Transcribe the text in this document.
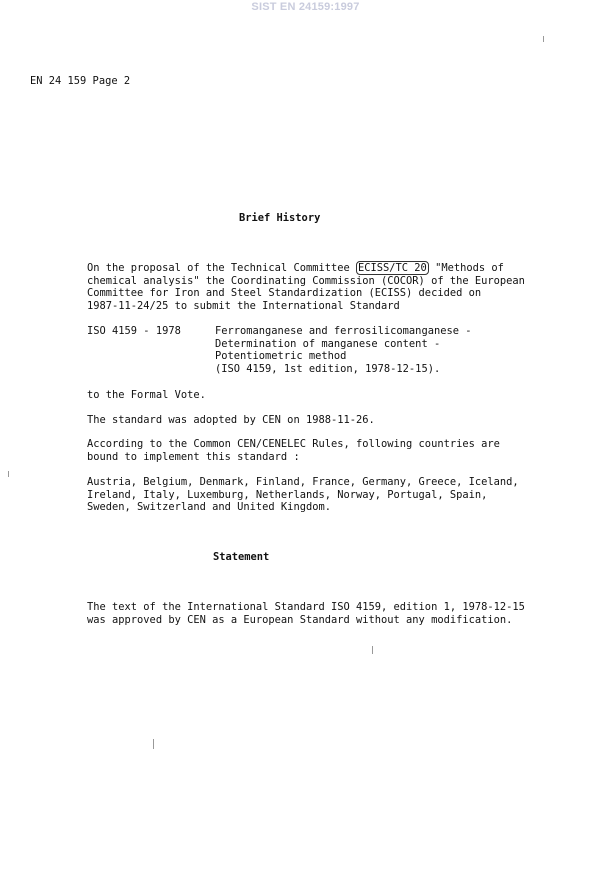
SIST EN 24159:1997
EN 24 159 Page 2
Brief History
On the proposal of the Technical Committee ECISS/TC 20 "Methods of
chemical analysis" the Coordinating Commission (COCOR) of the European
Committee for Iron and Steel Standardization (ECISS) decided on
1987-11-24/25 to submit the International Standard

ISO 4159 - 1978

	Ferromanganese and ferrosilicomanganese -
Determination of manganese content -
Potentiometric method
(ISO 4159, 1st edition, 1978-12-15).

to the Formal Vote.
The standard was adopted by CEN on 1988-11-26.
According to the Common CEN/CENELEC Rules, following countries are
bound to implement this standard :
Austria, Belgium, Denmark, Finland, France, Germany, Greece, Iceland,
Ireland, Italy, Luxemburg, Netherlands, Norway, Portugal, Spain,
Sweden, Switzerland and United Kingdom.
Statement
The text of the International Standard ISO 4159, edition 1, 1978-12-15
was approved by CEN as a European Standard without any modification.
